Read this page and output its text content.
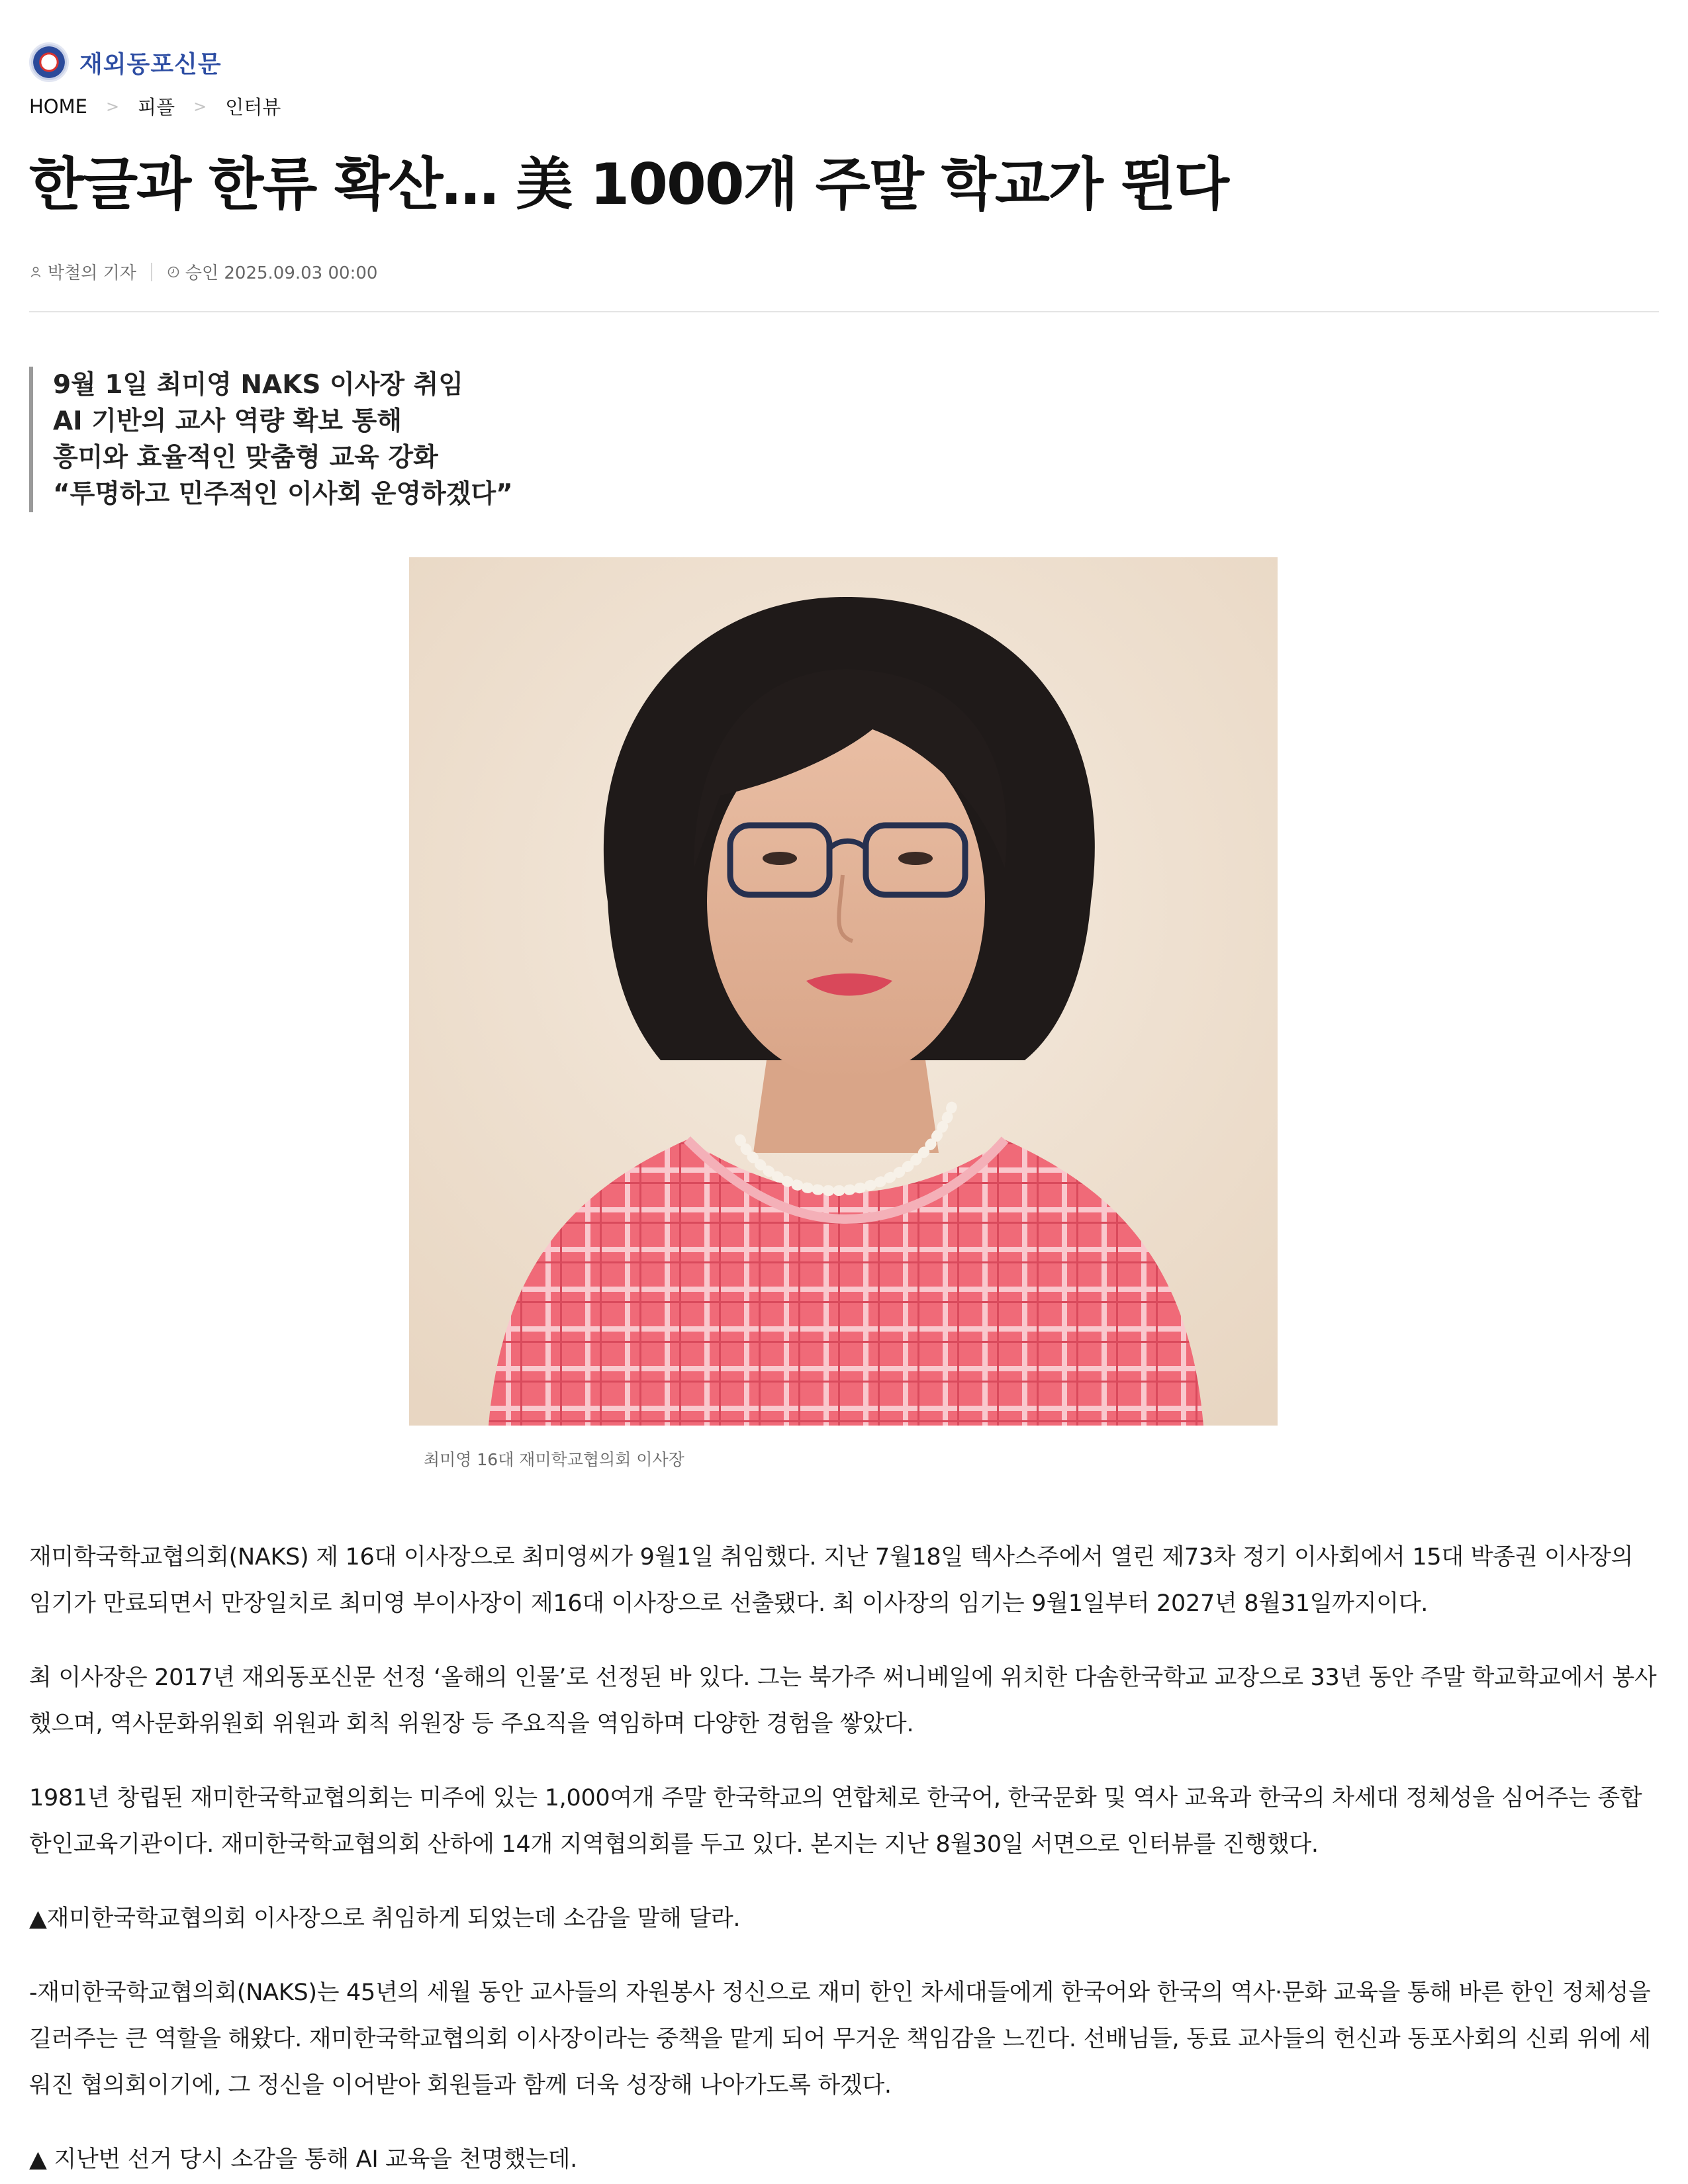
재외동포신문
HOME > 피플 > 인터뷰
한글과 한류 확산… 美 1000개 주말 학교가 뛴다
박철의 기자	승인 2025.09.03 00:00
9월 1일 최미영 NAKS 이사장 취임
AI 기반의 교사 역량 확보 통해
흥미와 효율적인 맞춤형 교육 강화
“투명하고 민주적인 이사회 운영하겠다”
최미영 16대 재미학교협의회 이사장

재미학국학교협의회(NAKS) 제 16대 이사장으로 최미영씨가 9월1일 취임했다. 지난 7월18일 텍사스주에서 열린 제73차 정기 이사회에서 15대 박종권 이사장의 임기가 만료되면서 만장일치로 최미영 부이사장이 제16대 이사장으로 선출됐다. 최 이사장의 임기는 9월1일부터 2027년 8월31일까지이다.

최 이사장은 2017년 재외동포신문 선정 ‘올해의 인물’로 선정된 바 있다. 그는 북가주 써니베일에 위치한 다솜한국학교 교장으로 33년 동안 주말 학교학교에서 봉사했으며, 역사문화위원회 위원과 회칙 위원장 등 주요직을 역임하며 다양한 경험을 쌓았다.

1981년 창립된 재미한국학교협의회는 미주에 있는 1,000여개 주말 한국학교의 연합체로 한국어, 한국문화 및 역사 교육과 한국의 차세대 정체성을 심어주는 종합 한인교육기관이다. 재미한국학교협의회 산하에 14개 지역협의회를 두고 있다. 본지는 지난 8월30일 서면으로 인터뷰를 진행했다.

▲재미한국학교협의회 이사장으로 취임하게 되었는데 소감을 말해 달라.

-재미한국학교협의회(NAKS)는 45년의 세월 동안 교사들의 자원봉사 정신으로 재미 한인 차세대들에게 한국어와 한국의 역사·문화 교육을 통해 바른 한인 정체성을 길러주는 큰 역할을 해왔다. 재미한국학교협의회 이사장이라는 중책을 맡게 되어 무거운 책임감을 느낀다. 선배님들, 동료 교사들의 헌신과 동포사회의 신뢰 위에 세워진 협의회이기에, 그 정신을 이어받아 회원들과 함께 더욱 성장해 나아가도록 하겠다.

▲ 지난번 선거 당시 소감을 통해 AI 교육을 천명했는데.
